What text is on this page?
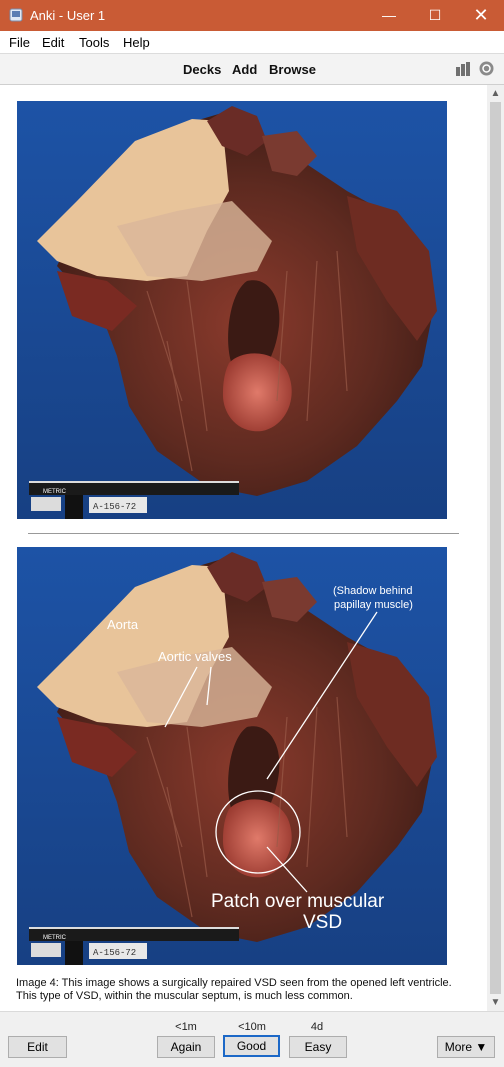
Anki - User 1	—	☐	✕
File Edit Tools Help
Decks Add Browse
METRIC
A-156-72
METRIC
A-156-72
Aorta
Aortic valves
(Shadow behind
papillay muscle)
Patch over muscular
VSD
Image 4: This image shows a surgically repaired VSD seen from the opened left ventricle. This type of VSD, within the muscular septum, is much less common.
▲
▼
Edit
<1m
Again
<10m
Good
4d
Easy	More ▼
